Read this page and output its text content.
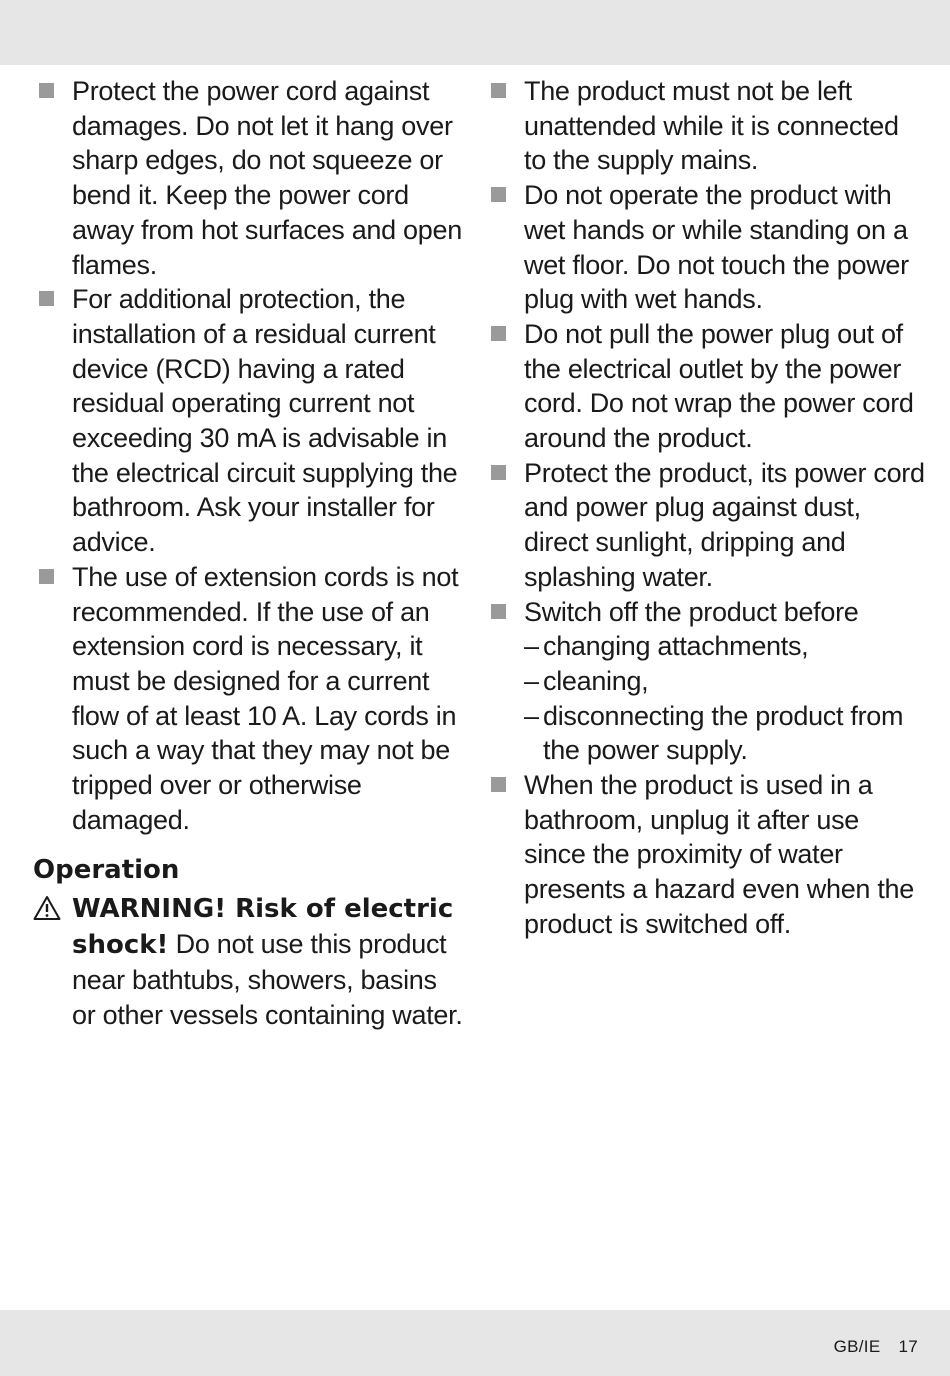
Protect the power cord against damages. Do not let it hang over sharp edges, do not squeeze or bend it. Keep the power cord away from hot surfaces and open flames.
For additional protection, the installation of a residual current device (RCD) having a rated residual operating current not exceeding 30 mA is advisable in the electrical circuit supplying the bathroom. Ask your installer for advice.
The use of extension cords is not recommended. If the use of an extension cord is necessary, it must be designed for a current flow of at least 10 A. Lay cords in such a way that they may not be tripped over or otherwise damaged.
Operation
WARNING! Risk of electric shock! Do not use this product near bathtubs, showers, basins or other vessels containing water.
The product must not be left unattended while it is connected to the supply mains.
Do not operate the product with wet hands or while standing on a wet floor. Do not touch the power plug with wet hands.
Do not pull the power plug out of the electrical outlet by the power cord. Do not wrap the power cord around the product.
Protect the product, its power cord and power plug against dust, direct sunlight, dripping and splashing water.
Switch off the product before
– changing attachments,
– cleaning,
– disconnecting the product from the power supply.
When the product is used in a bathroom, unplug it after use since the proximity of water presents a hazard even when the product is switched off.
GB/IE 17
